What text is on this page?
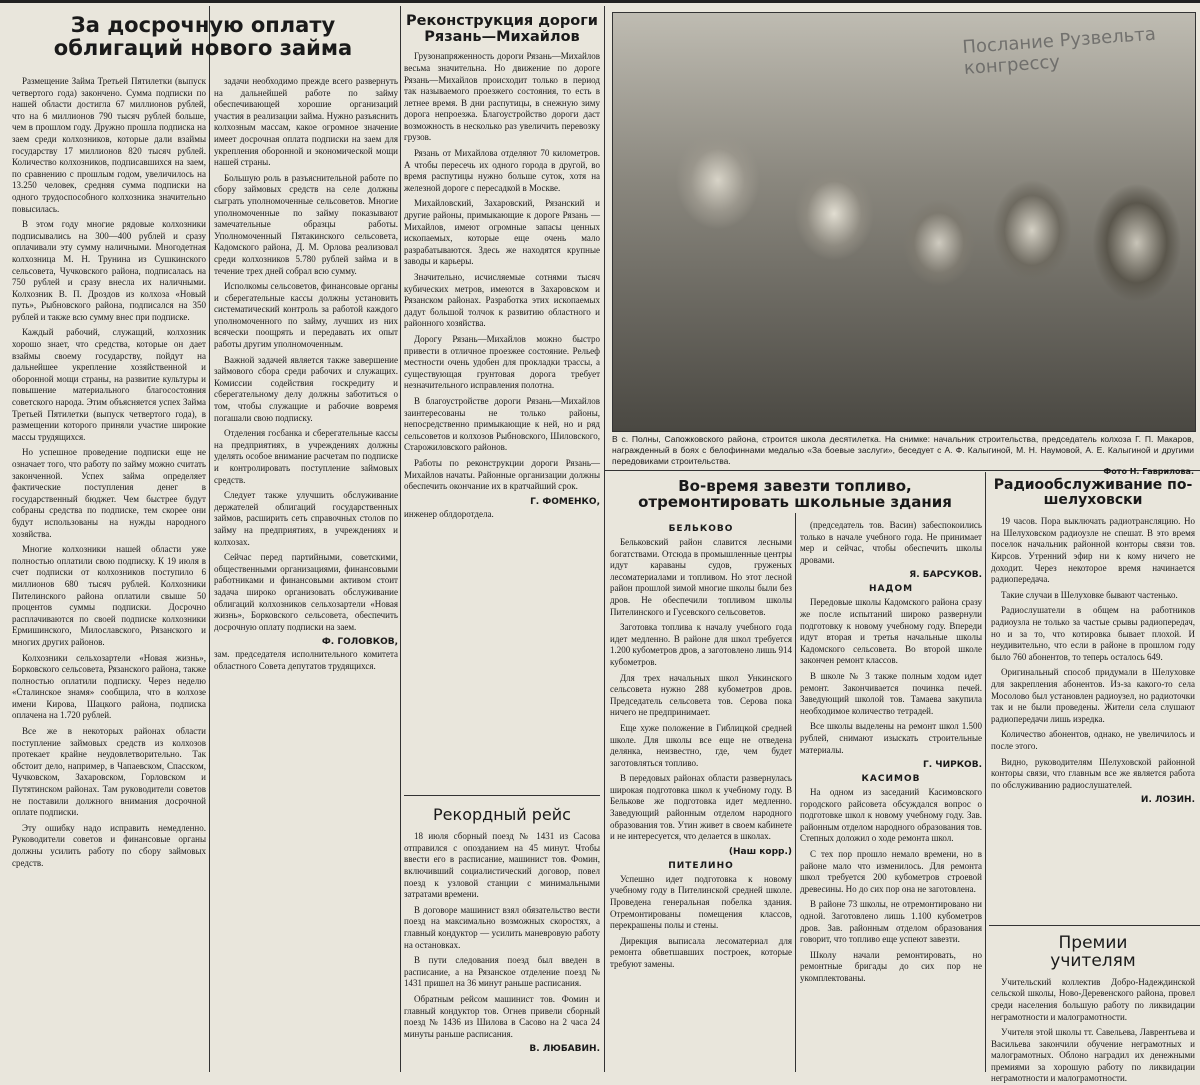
За досрочную оплату облигаций нового займа

Размещение Займа Третьей Пятилетки (выпуск четвертого года) закончено. Сумма подписки по нашей области достигла 67 миллионов рублей, что на 6 миллионов 790 тысяч рублей больше, чем в прошлом году. Дружно прошла подписка на заем среди колхозников, которые дали взаймы государству 17 миллионов 820 тысяч рублей. Количество колхозников, подписавшихся на заем, по сравнению с прошлым годом, увеличилось на 13.250 человек, средняя сумма подписки на одного трудоспособного колхозника значительно повысилась.

В этом году многие рядовые колхозники подписывались на 300—400 рублей и сразу оплачивали эту сумму наличными. Многодетная колхозница М. Н. Трунина из Сушкинского сельсовета, Чучковского района, подписалась на 750 рублей и сразу внесла их наличными. Колхозник В. П. Дроздов из колхоза «Новый путь», Рыбновского района, подписался на 350 рублей и также всю сумму внес при подписке.

Каждый рабочий, служащий, колхозник хорошо знает, что средства, которые он дает взаймы своему государству, пойдут на дальнейшее укрепление хозяйственной и оборонной мощи страны, на развитие культуры и повышение материального благосостояния советского народа. Этим объясняется успех Займа Третьей Пятилетки (выпуск четвертого года), в размещении которого приняли участие широкие массы трудящихся.

Но успешное проведение подписки еще не означает того, что работу по займу можно считать законченной. Успех займа определяет фактические поступления денег в государственный бюджет. Чем быстрее будут собраны средства по подписке, тем скорее они будут использованы на нужды народного хозяйства.

Многие колхозники нашей области уже полностью оплатили свою подписку. К 19 июля в счет подписки от колхозников поступило 6 миллионов 680 тысяч рублей. Колхозники Пителинского района оплатили свыше 50 процентов суммы подписки. Досрочно расплачиваются по своей подписке колхозники Ермишинского, Милославского, Рязанского и многих других районов.

Колхозники сельхозартели «Новая жизнь», Борковского сельсовета, Рязанского района, также полностью оплатили подписку. Через неделю «Сталинское знамя» сообщила, что в колхозе имени Кирова, Шацкого района, подписка оплачена на 1.720 рублей.

Все же в некоторых районах области поступление займовых средств из колхозов протекает крайне неудовлетворительно. Так обстоит дело, например, в Чапаевском, Спасском, Чучковском, Захаровском, Горловском и Путятинском районах. Там руководители советов не поставили должного внимания досрочной оплате подписки.

Эту ошибку надо исправить немедленно. Руководители советов и финансовые органы должны усилить работу по сбору займовых средств.

задачи необходимо прежде всего развернуть на дальнейшей работе по займу обеспечивающей хорошие организаций участия в реализации займа. Нужно разъяснить колхозным массам, какое огромное значение имеет досрочная оплата подписки на заем для укрепления оборонной и экономической мощи нашей страны.

Большую роль в разъяснительной работе по сбору займовых средств на селе должны сыграть уполномоченные сельсоветов. Многие уполномоченные по займу показывают замечательные образцы работы. Уполномоченный Пятакинского сельсовета, Кадомского района, Д. М. Орлова реализовал среди колхозников 5.780 рублей займа и в течение трех дней собрал всю сумму.

Исполкомы сельсоветов, финансовые органы и сберегательные кассы должны установить систематический контроль за работой каждого уполномоченного по займу, лучших из них всячески поощрять и передавать их опыт работы другим уполномоченным.

Важной задачей является также завершение займового сбора среди рабочих и служащих. Комиссии содействия госкредиту и сберегательному делу должны заботиться о том, чтобы служащие и рабочие вовремя погашали свою подписку.

Отделения госбанка и сберегательные кассы на предприятиях, в учреждениях должны уделять особое внимание расчетам по подписке и контролировать поступление займовых средств.

Следует также улучшить обслуживание держателей облигаций государственных займов, расширить сеть справочных столов по займу на предприятиях, в учреждениях и колхозах.

Сейчас перед партийными, советскими, общественными организациями, финансовыми работниками и финансовыми активом стоит задача широко организовать обслуживание облигаций колхозников сельхозартели «Новая жизнь», Борковского сельсовета, обеспечить досрочную оплату подписки на заем.

Ф. ГОЛОВКОВ,

зам. председателя исполнительного комитета областного Совета депутатов трудящихся.

Реконструкция дороги Рязань—Михайлов

Грузонапряженность дороги Рязань—Михайлов весьма значительна. Но движение по дороге Рязань—Михайлов происходит только в период так называемого проезжего состояния, то есть в летнее время. В дни распутицы, в снежную зиму дорога непроезжа. Благоустройство дороги даст возможность в несколько раз увеличить перевозку грузов.

Рязань от Михайлова отделяют 70 километров. А чтобы пересечь их одного города в другой, во время распутицы нужно больше суток, хотя на железной дороге с пересадкой в Москве.

Михайловский, Захаровский, Рязанский и другие районы, примыкающие к дороге Рязань — Михайлов, имеют огромные запасы ценных ископаемых, которые еще очень мало разрабатываются. Здесь же находятся крупные заводы и карьеры.

Значительно, исчисляемые сотнями тысяч кубических метров, имеются в Захаровском и Рязанском районах. Разработка этих ископаемых дадут большой толчок к развитию областного и районного хозяйства.

Дорогу Рязань—Михайлов можно быстро привести в отличное проезжее состояние. Рельеф местности очень удобен для прокладки трассы, а существующая грунтовая дорога требует незначительного исправления полотна.

В благоустройстве дороги Рязань—Михайлов заинтересованы не только районы, непосредственно примыкающие к ней, но и ряд сельсоветов и колхозов Рыбновского, Шиловского, Старожиловского районов.

Работы по реконструкции дороги Рязань—Михайлов начаты. Районные организации должны обеспечить окончание их в кратчайший срок.

Г. ФОМЕНКО,

инженер облдоротдела.

Рекордный рейс

18 июля сборный поезд № 1431 из Сасова отправился с опозданием на 45 минут. Чтобы ввести его в расписание, машинист тов. Фомин, включивший социалистический договор, повел поезд к узловой станции с минимальными затратами времени.

В договоре машинист взял обязательство вести поезд на максимально возможных скоростях, а главный кондуктор — усилить маневровую работу на остановках.

В пути следования поезд был введен в расписание, а на Рязанское отделение поезд № 1431 пришел на 36 минут раньше расписания.

Обратным рейсом машинист тов. Фомин и главный кондуктор тов. Огнев привели сборный поезд № 1436 из Шилова в Сасово на 2 часа 24 минуты раньше расписания.

В. ЛЮБАВИН.

Послание Рузвельта конгрессу

В с. Полны, Сапожковского района, строится школа десятилетка. На снимке: начальник строительства, председатель колхоза Г. П. Макаров, награжденный в боях с белофиннами медалью «За боевые заслуги», беседует с А. Ф. Калыгиной, М. Н. Наумовой, А. Е. Калыгиной и другими передовиками строительства.

Фото Н. Гаврилова.

Во-время завезти топливо, отремонтировать школьные здания

БЕЛЬКОВО

Бельковский район славится лесными богатствами. Отсюда в промышленные центры идут караваны судов, груженых лесоматериалами и топливом. Но этот лесной район прошлой зимой многие школы были без дров. Не обеспечили топливом школы Пителинского и Гусевского сельсоветов.

Заготовка топлива к началу учебного года идет медленно. В районе для школ требуется 1.200 кубометров дров, а заготовлено лишь 914 кубометров.

Для трех начальных школ Ункинского сельсовета нужно 288 кубометров дров. Председатель сельсовета тов. Серова пока ничего не предпринимает.

Еще хуже положение в Гиблицкой средней школе. Для школы все еще не отведена делянка, неизвестно, где, чем будет заготовляться топливо.

В передовых районах области развернулась широкая подготовка школ к учебному году. В Белькове же подготовка идет медленно. Заведующий районным отделом народного образования тов. Утин живет в своем кабинете и не интересуется, что делается в школах.

(Наш корр.)

ПИТЕЛИНО

Успешно идет подготовка к новому учебному году в Пителинской средней школе. Проведена генеральная побелка здания. Отремонтированы помещения классов, перекрашены полы и стены.

Дирекция выписала лесоматериал для ремонта обветшавших построек, которые требуют замены.

(председатель тов. Васин) забеспокоились только в начале учебного года. Не принимает мер и сейчас, чтобы обеспечить школы дровами.

Я. БАРСУКОВ.

НАДОМ

Передовые школы Кадомского района сразу же после испытаний широко развернули подготовку к новому учебному году. Впереди идут вторая и третья начальные школы Кадомского сельсовета. Во второй школе закончен ремонт классов.

В школе № 3 также полным ходом идет ремонт. Закончивается починка печей. Заведующий школой тов. Тамаева закупила необходимое количество тетрадей.

Все школы выделены на ремонт школ 1.500 рублей, снимают изыскать строительные материалы.

Г. ЧИРКОВ.

КАСИМОВ

На одном из заседаний Касимовского городского райсовета обсуждался вопрос о подготовке школ к новому учебному году. Зав. районным отделом народного образования тов. Степных доложил о ходе ремонта школ.

С тех пор прошло немало времени, но в районе мало что изменилось. Для ремонта школ требуется 200 кубометров строевой древесины. Но до сих пор она не заготовлена.

В районе 73 школы, не отремонтировано ни одной. Заготовлено лишь 1.100 кубометров дров. Зав. районным отделом образования говорит, что топливо еще успеют завезти.

Школу начали ремонтировать, но ремонтные бригады до сих пор не укомплектованы.

Радиообслуживание по-шелуховски

19 часов. Пора выключать радиотрансляцию. Но на Шелуховском радиоузле не спешат. В это время поселок начальник районной конторы связи тов. Кирсов. Утренний эфир ни к кому ничего не доходит. Через некоторое время начинается радиопередача.

Такие случаи в Шелуховке бывают частенько.

Радиослушатели в общем на работников радиоузла не только за частые срывы радиопередач, но и за то, что котировка бывает плохой. И неудивительно, что если в районе в прошлом году было 760 абонентов, то теперь осталось 649.

Оригинальный способ придумали в Шелуховке для закрепления абонентов. Из-за какого-то села Мосолово был установлен радиоузел, но радиоточки так и не были проведены. Жители села слушают радиопередачи лишь изредка.

Количество абонентов, однако, не увеличилось и после этого.

Видно, руководителям Шелуховской районной конторы связи, что главным все же является работа по обслуживанию радиослушателей.

И. ЛОЗИН.

Премии учителям

Учительский коллектив Добро-Надеждинской сельской школы, Ново-Деревенского района, провел среди населения большую работу по ликвидации неграмотности и малограмотности.

Учителя этой школы тт. Савельева, Лаврентьева и Васильева закончили обучение неграмотных и малограмотных. Облоно наградил их денежными премиями за хорошую работу по ликвидации неграмотности и малограмотности.
